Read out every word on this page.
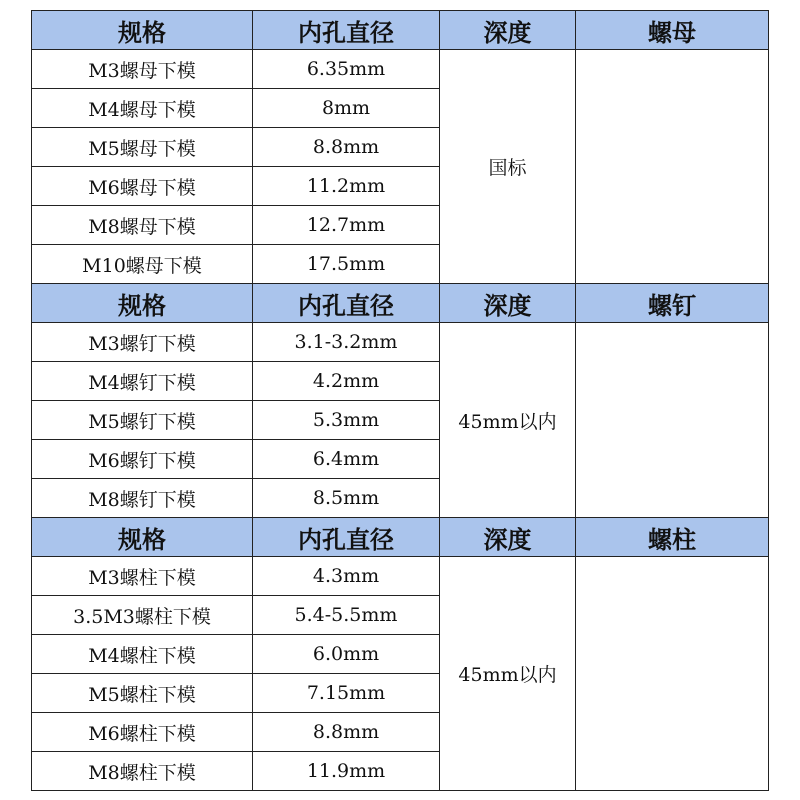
规格	内孔直径	深度	螺母
M3螺母下模	6.35mm	国标	
M4螺母下模	8mm		
M5螺母下模	8.8mm		
M6螺母下模	11.2mm		
M8螺母下模	12.7mm		
M10螺母下模	17.5mm		
规格	内孔直径	深度	螺钉
M3螺钉下模	3.1-3.2mm	45mm以内	
M4螺钉下模	4.2mm		
M5螺钉下模	5.3mm		
M6螺钉下模	6.4mm		
M8螺钉下模	8.5mm		
规格	内孔直径	深度	螺柱
M3螺柱下模	4.3mm	45mm以内	
3.5M3螺柱下模	5.4-5.5mm		
M4螺柱下模	6.0mm		
M5螺柱下模	7.15mm		
M6螺柱下模	8.8mm		
M8螺柱下模	11.9mm		
